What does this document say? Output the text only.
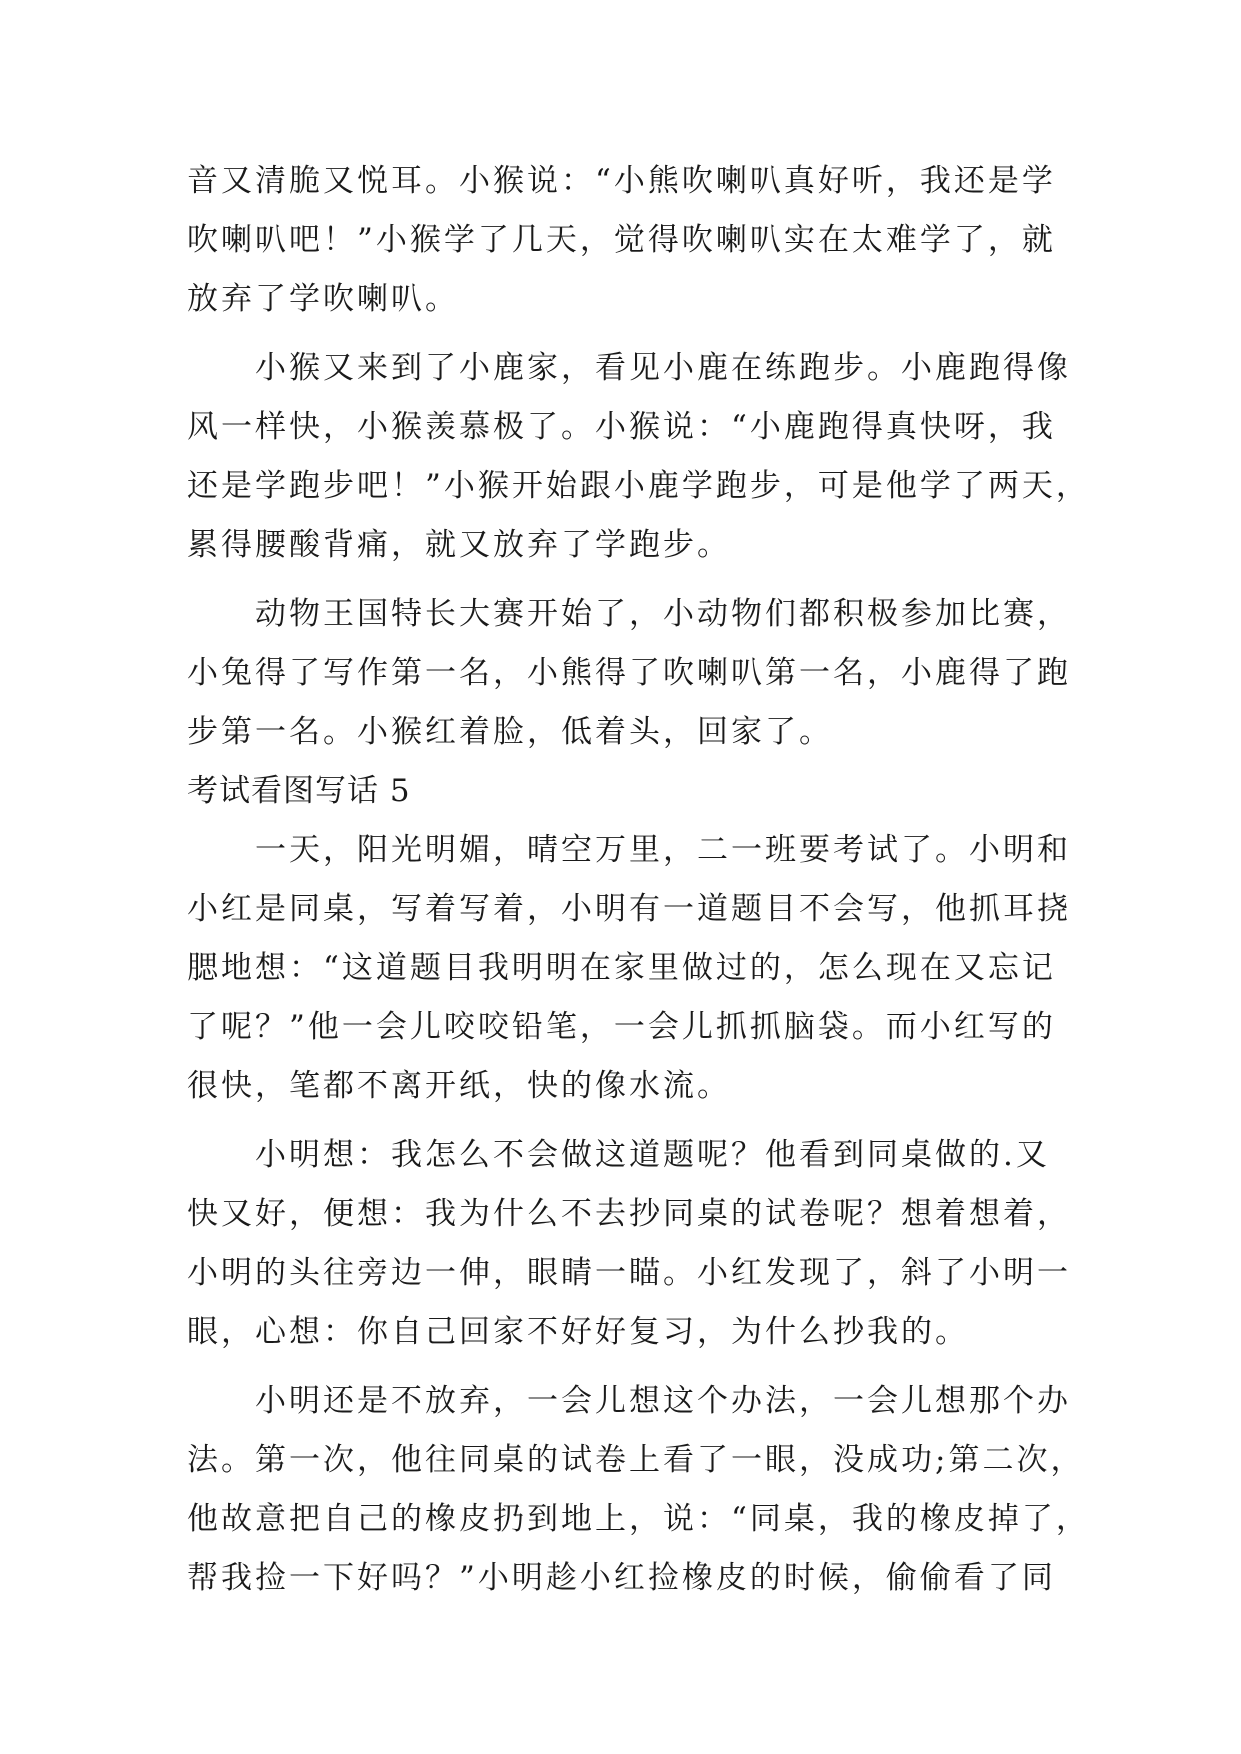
音又清脆又悦耳。小猴说：“小熊吹喇叭真好听，我还是学
吹喇叭吧！”小猴学了几天，觉得吹喇叭实在太难学了，就
放弃了学吹喇叭。
小猴又来到了小鹿家，看见小鹿在练跑步。小鹿跑得像
风一样快，小猴羡慕极了。小猴说：“小鹿跑得真快呀，我
还是学跑步吧！”小猴开始跟小鹿学跑步，可是他学了两天，
累得腰酸背痛，就又放弃了学跑步。
动物王国特长大赛开始了，小动物们都积极参加比赛，
小兔得了写作第一名，小熊得了吹喇叭第一名，小鹿得了跑
步第一名。小猴红着脸，低着头，回家了。
考试看图写话 5
一天，阳光明媚，晴空万里，二一班要考试了。小明和
小红是同桌，写着写着，小明有一道题目不会写，他抓耳挠
腮地想：“这道题目我明明在家里做过的，怎么现在又忘记
了呢？”他一会儿咬咬铅笔，一会儿抓抓脑袋。而小红写的
很快，笔都不离开纸，快的像水流。
小明想：我怎么不会做这道题呢？他看到同桌做的.又
快又好，便想：我为什么不去抄同桌的试卷呢？想着想着，
小明的头往旁边一伸，眼睛一瞄。小红发现了，斜了小明一
眼，心想：你自己回家不好好复习，为什么抄我的。
小明还是不放弃，一会儿想这个办法，一会儿想那个办
法。第一次，他往同桌的试卷上看了一眼，没成功;第二次，
他故意把自己的橡皮扔到地上，说：“同桌，我的橡皮掉了，
帮我捡一下好吗？”小明趁小红捡橡皮的时候，偷偷看了同
